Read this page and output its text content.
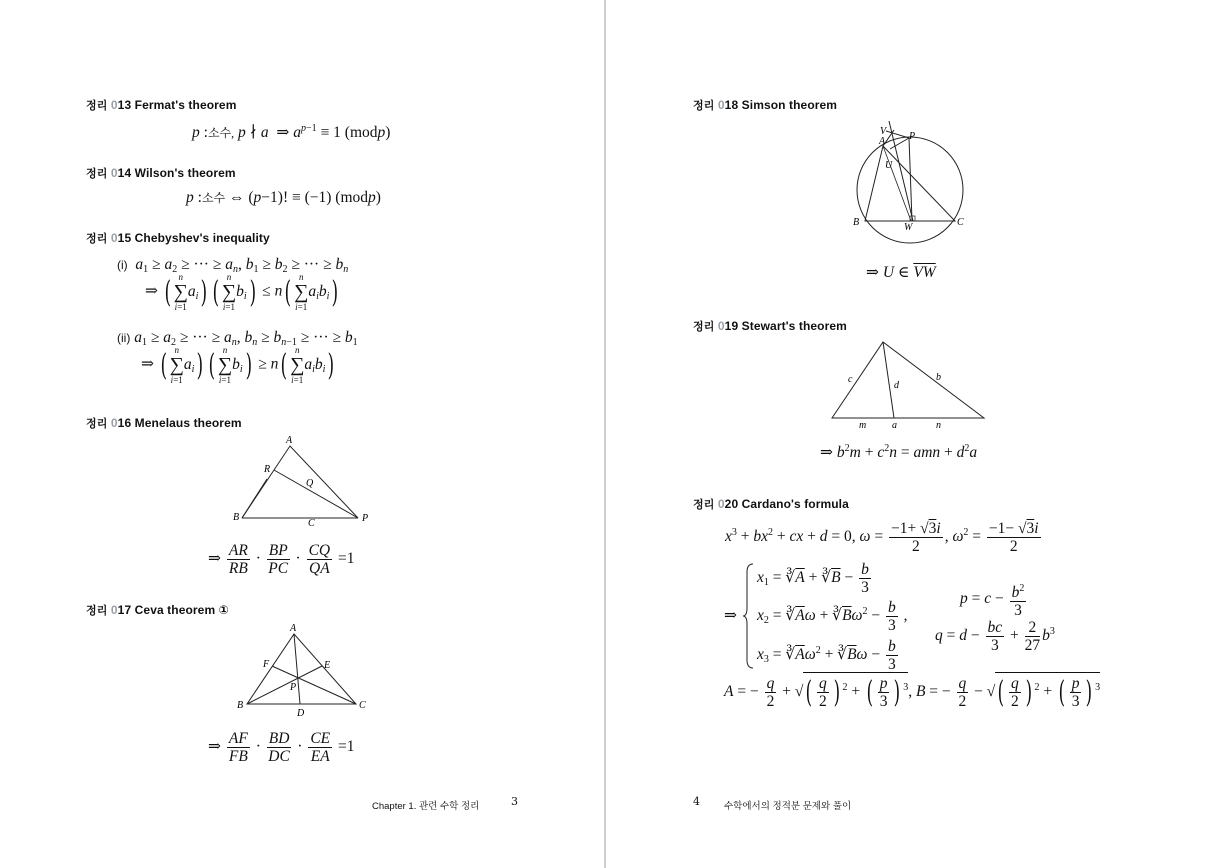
정리 013 Fermat's theorem
p :소수, p ∤ a  ⇒ $a^{p-1} \equiv 1$ (modp)
정리 014 Wilson's theorem
p :소수 ⇔ (p−1)! ≡ (−1) (modp)
정리 015 Chebyshev's inequality
(i) $a_1 \ge a_2$ ≥ ··· ≥ $a_n$, $b_1 \ge b_2$ ≥ ··· ≥ $b_n$
⇒ ( n
∑
i=1
$a_i$) ( n
∑
i=1
$b_i) \le n$( n
∑
i=1
$a_ib_i$)
(ii) $a_1 \ge a_2$ ≥ ··· ≥ $a_n$, $b_n \ge b_{n-1}$ ≥ ··· ≥ $b_1$
⇒ ( n
∑
i=1
$a_i$) ( n
∑
i=1
$b_i) \ge n$( n
∑
i=1
$a_ib_i$)
정리 016 Menelaus theorem
A
B
C	P
Q
R
⇒ $\frac{AR}{RB} \cdot \frac{BP}{PC} \cdot \frac{CQ}{QA} =1$
정리 017 Ceva theorem ①
A
B	C
D
E
F
P
⇒ $\frac{AF}{FB} \cdot \frac{BD}{DC} \cdot \frac{CE}{EA} =1$
Chapter 1. 관련 수학 정리	3
정리 018 Simson theorem
A
B	C
P
U
V
W
⇒ U ∈ $\overline{VW}$
정리 019 Stewart's theorem
c
d
b
m	a	n
⇒ $b^2m + c^2n$ = amn + $d^2a$
정리 020 Cardano's formula
$x^3 + bx^2$ + cx + d = 0, $\omega = \frac{-1+ √3i}{2}$ , $\omega^2 = \frac{-1- √3i}{2}$
⇒
$x_1$ = $∛\overline{A}$ + $∛\overline{B} - \frac{b}{3}$
$x_2$ = $∛\overline{A}\omega$ + $∛\overline{B}\omega^2 - \frac{b}{3}$ ,
$x_3$ = $∛\overline{A}\omega^2$ + $∛\overline{B}\omega - \frac{b}{3}$
$p = c - \frac{b^2}{3}$
$q = d - \frac{bc}{3} + \frac{2}{27} b^3$
A = − $\frac{q}{2}$ + √( $\frac{q}{2}$ ) $^2$ + ( $\frac{p}{3}$ ) $^3$, B = − $\frac{q}{2}$ − √( $\frac{q}{2}$ ) $^2$ + ( $\frac{p}{3}$ ) $^3$
4	수학에서의 정적분 문제와 풀이
